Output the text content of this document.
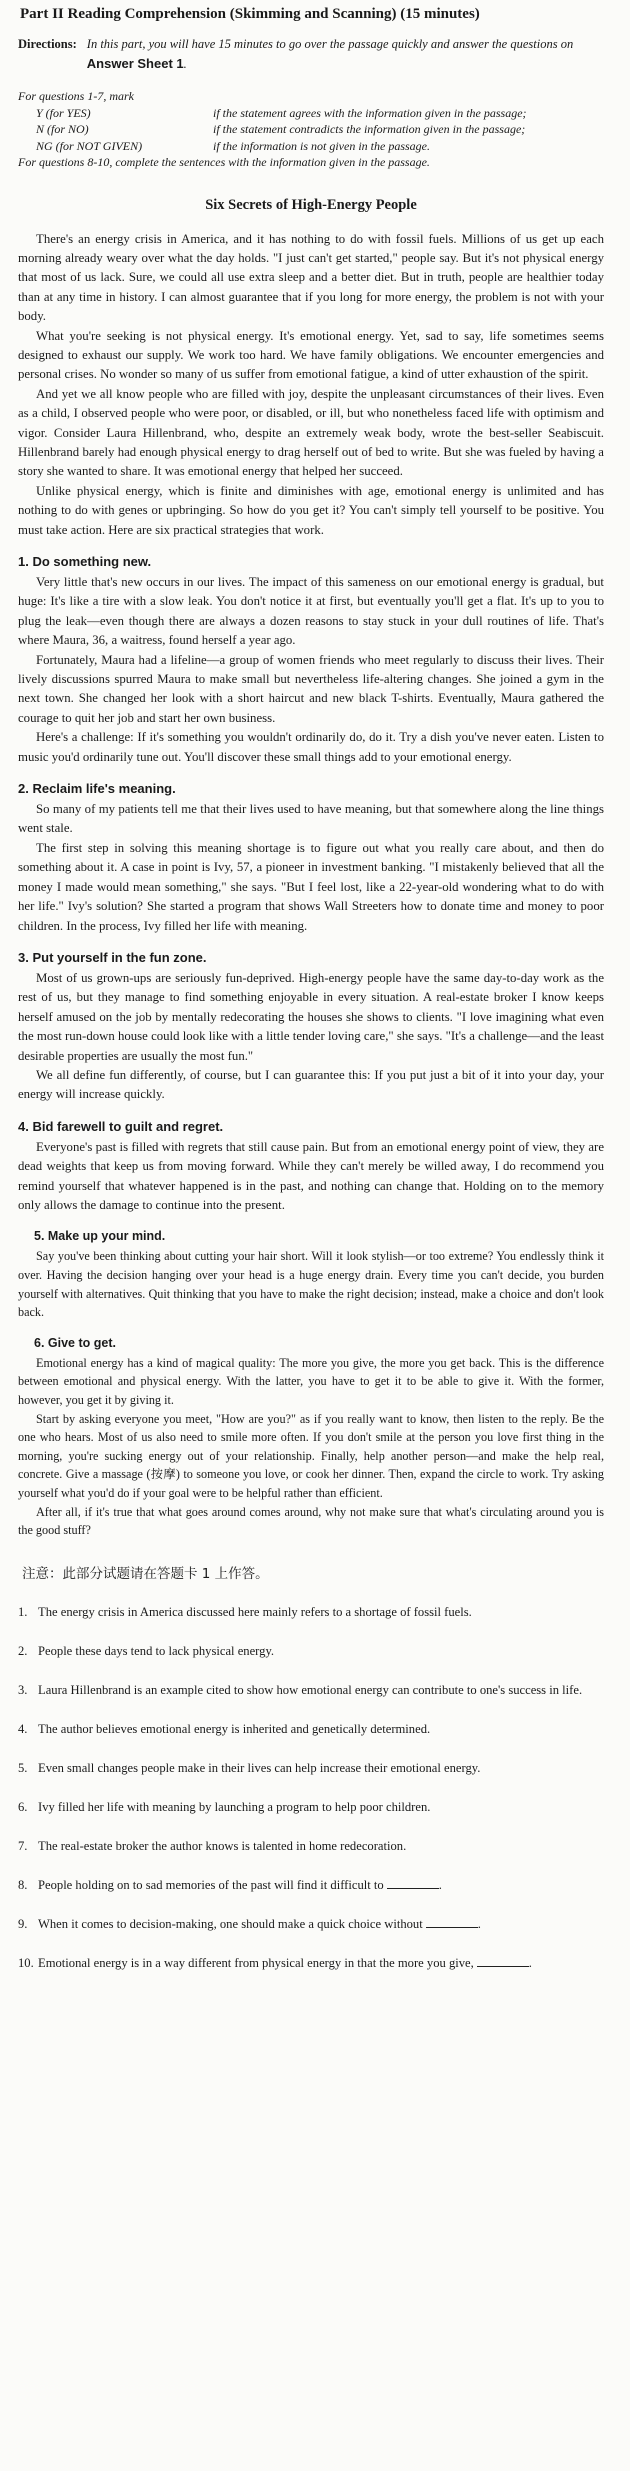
Part II Reading Comprehension (Skimming and Scanning) (15 minutes)
Directions: In this part, you will have 15 minutes to go over the passage quickly and answer the questions on Answer Sheet 1.
For questions 1-7, mark
Y (for YES)	if the statement agrees with the information given in the passage;
N (for NO)	if the statement contradicts the information given in the passage;
NG (for NOT GIVEN)	if the information is not given in the passage.
For questions 8-10, complete the sentences with the information given in the passage.
Six Secrets of High-Energy People

There's an energy crisis in America, and it has nothing to do with fossil fuels. Millions of us get up each morning already weary over what the day holds. "I just can't get started," people say. But it's not physical energy that most of us lack. Sure, we could all use extra sleep and a better diet. But in truth, people are healthier today than at any time in history. I can almost guarantee that if you long for more energy, the problem is not with your body.

What you're seeking is not physical energy. It's emotional energy. Yet, sad to say, life sometimes seems designed to exhaust our supply. We work too hard. We have family obligations. We encounter emergencies and personal crises. No wonder so many of us suffer from emotional fatigue, a kind of utter exhaustion of the spirit.

And yet we all know people who are filled with joy, despite the unpleasant circumstances of their lives. Even as a child, I observed people who were poor, or disabled, or ill, but who nonetheless faced life with optimism and vigor. Consider Laura Hillenbrand, who, despite an extremely weak body, wrote the best-seller Seabiscuit. Hillenbrand barely had enough physical energy to drag herself out of bed to write. But she was fueled by having a story she wanted to share. It was emotional energy that helped her succeed.

Unlike physical energy, which is finite and diminishes with age, emotional energy is unlimited and has nothing to do with genes or upbringing. So how do you get it? You can't simply tell yourself to be positive. You must take action. Here are six practical strategies that work.

1. Do something new.

Very little that's new occurs in our lives. The impact of this sameness on our emotional energy is gradual, but huge: It's like a tire with a slow leak. You don't notice it at first, but eventually you'll get a flat. It's up to you to plug the leak—even though there are always a dozen reasons to stay stuck in your dull routines of life. That's where Maura, 36, a waitress, found herself a year ago.

Fortunately, Maura had a lifeline—a group of women friends who meet regularly to discuss their lives. Their lively discussions spurred Maura to make small but nevertheless life-altering changes. She joined a gym in the next town. She changed her look with a short haircut and new black T-shirts. Eventually, Maura gathered the courage to quit her job and start her own business.

Here's a challenge: If it's something you wouldn't ordinarily do, do it. Try a dish you've never eaten. Listen to music you'd ordinarily tune out. You'll discover these small things add to your emotional energy.

2. Reclaim life's meaning.

So many of my patients tell me that their lives used to have meaning, but that somewhere along the line things went stale.

The first step in solving this meaning shortage is to figure out what you really care about, and then do something about it. A case in point is Ivy, 57, a pioneer in investment banking. "I mistakenly believed that all the money I made would mean something," she says. "But I feel lost, like a 22-year-old wondering what to do with her life." Ivy's solution? She started a program that shows Wall Streeters how to donate time and money to poor children. In the process, Ivy filled her life with meaning.

3. Put yourself in the fun zone.

Most of us grown-ups are seriously fun-deprived. High-energy people have the same day-to-day work as the rest of us, but they manage to find something enjoyable in every situation. A real-estate broker I know keeps herself amused on the job by mentally redecorating the houses she shows to clients. "I love imagining what even the most run-down house could look like with a little tender loving care," she says. "It's a challenge—and the least desirable properties are usually the most fun."

We all define fun differently, of course, but I can guarantee this: If you put just a bit of it into your day, your energy will increase quickly.

4. Bid farewell to guilt and regret.

Everyone's past is filled with regrets that still cause pain. But from an emotional energy point of view, they are dead weights that keep us from moving forward. While they can't merely be willed away, I do recommend you remind yourself that whatever happened is in the past, and nothing can change that. Holding on to the memory only allows the damage to continue into the present.

5. Make up your mind.

Say you've been thinking about cutting your hair short. Will it look stylish—or too extreme? You endlessly think it over. Having the decision hanging over your head is a huge energy drain. Every time you can't decide, you burden yourself with alternatives. Quit thinking that you have to make the right decision; instead, make a choice and don't look back.

6. Give to get.

Emotional energy has a kind of magical quality: The more you give, the more you get back. This is the difference between emotional and physical energy. With the latter, you have to get it to be able to give it. With the former, however, you get it by giving it.

Start by asking everyone you meet, "How are you?" as if you really want to know, then listen to the reply. Be the one who hears. Most of us also need to smile more often. If you don't smile at the person you love first thing in the morning, you're sucking energy out of your relationship. Finally, help another person—and make the help real, concrete. Give a massage (按摩) to someone you love, or cook her dinner. Then, expand the circle to work. Try asking yourself what you'd do if your goal were to be helpful rather than efficient.

After all, if it's true that what goes around comes around, why not make sure that what's circulating around you is the good stuff?

注意：此部分试题请在答题卡 1 上作答。
1. The energy crisis in America discussed here mainly refers to a shortage of fossil fuels.
2. People these days tend to lack physical energy.
3. Laura Hillenbrand is an example cited to show how emotional energy can contribute to one's success in life.
4. The author believes emotional energy is inherited and genetically determined.
5. Even small changes people make in their lives can help increase their emotional energy.
6. Ivy filled her life with meaning by launching a program to help poor children.
7. The real-estate broker the author knows is talented in home redecoration.
8. People holding on to sad memories of the past will find it difficult to	.
9. When it comes to decision-making, one should make a quick choice without	.
10. Emotional energy is in a way different from physical energy in that the more you give,	.
